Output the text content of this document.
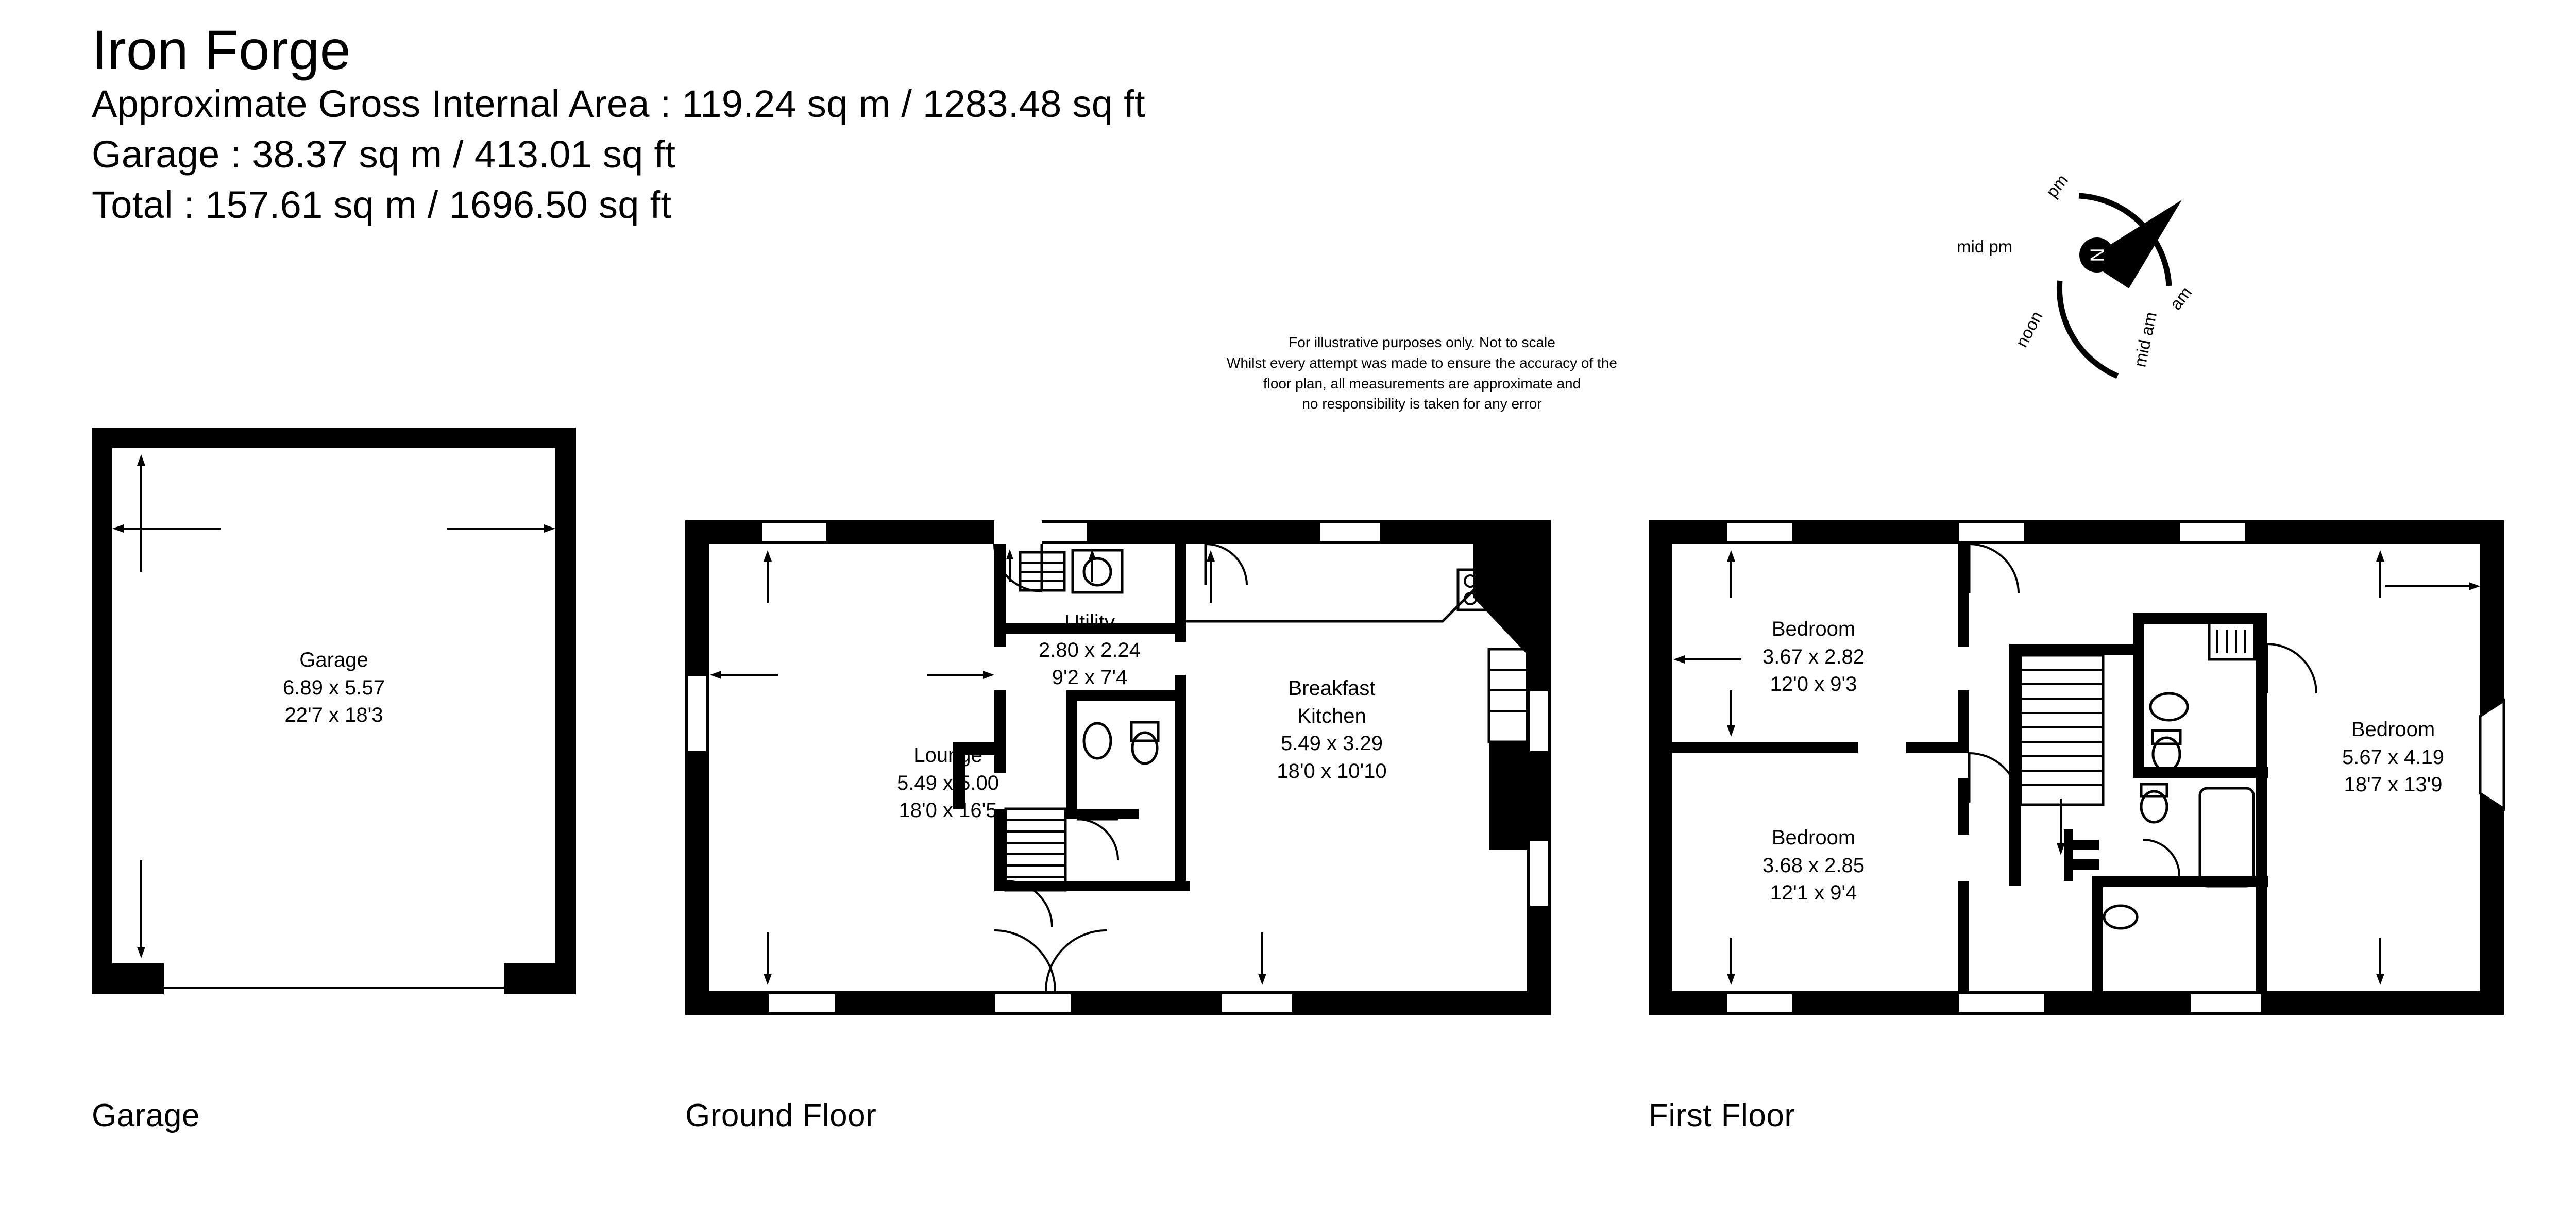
Iron Forge
Approximate Gross Internal Area : 119.24 sq m / 1283.48 sq ft
Garage : 38.37 sq m / 413.01 sq ft
Total : 157.61 sq m / 1696.50 sq ft
For illustrative purposes only. Not to scale
Whilst every attempt was made to ensure the accuracy of the
floor plan, all measurements are approximate and
no responsibility is taken for any error
N
pm
mid pm
noon	mid am
am
Garage
6.89 x 5.57
22'7 x 18'3
Garage
Lounge
5.49 x 5.00
18'0 x 16'5
Utility
2.80 x 2.24
9'2 x 7'4	Breakfast
Kitchen
5.49 x 3.29
18'0 x 10'10
Ground Floor
Bedroom
3.67 x 2.82
12'0 x 9'3
Bedroom
3.68 x 2.85
12'1 x 9'4
Bedroom
5.67 x 4.19
18'7 x 13'9
First Floor
